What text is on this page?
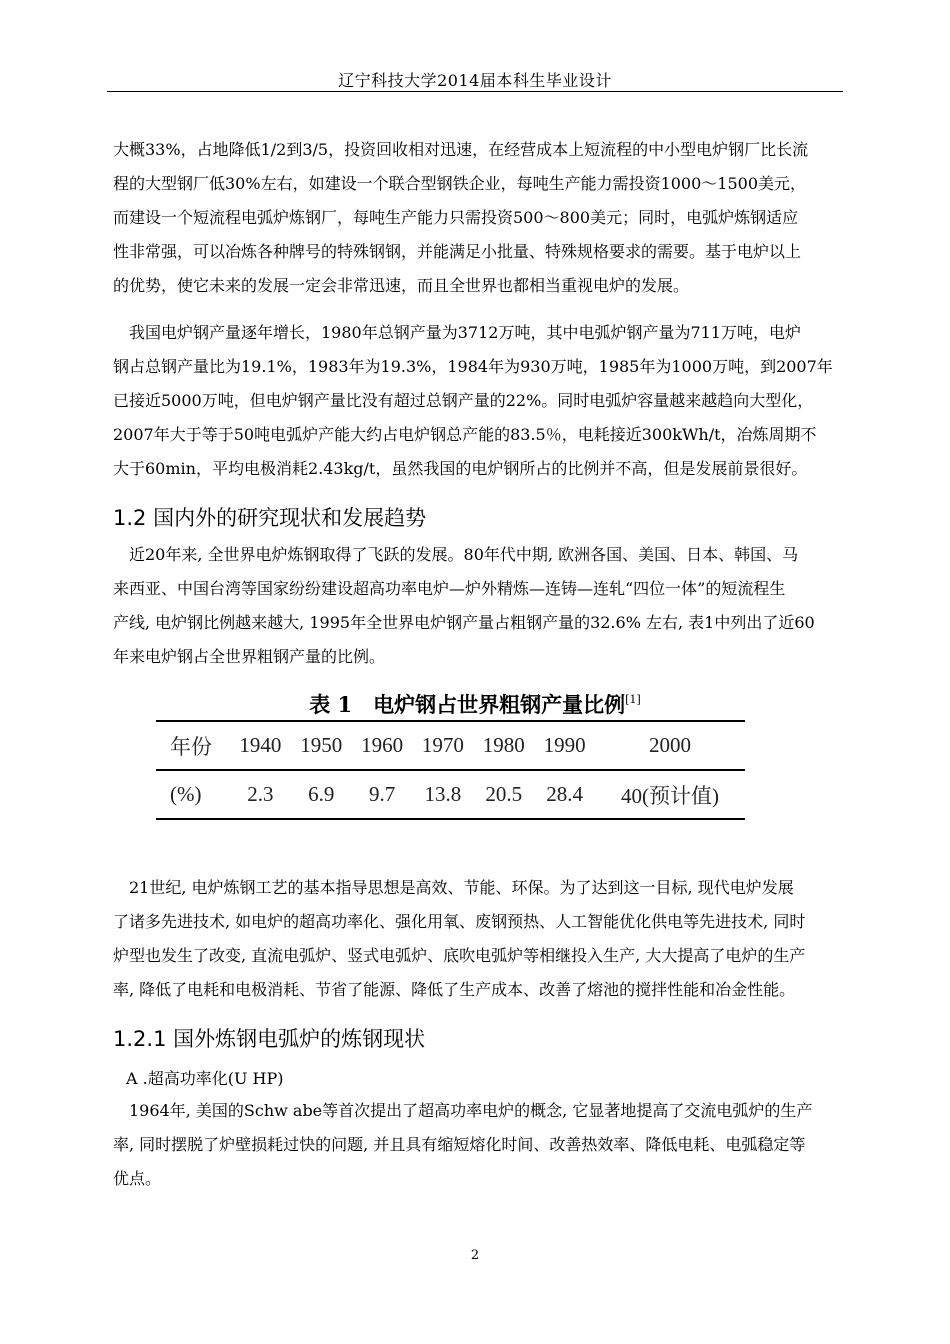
辽宁科技大学2014届本科生毕业设计

大概33%，占地降低1/2到3/5，投资回收相对迅速，在经营成本上短流程的中小型电炉钢厂比长流
程的大型钢厂低30%左右，如建设一个联合型钢铁企业，每吨生产能力需投资1000～1500美元，
而建设一个短流程电弧炉炼钢厂，每吨生产能力只需投资500～800美元；同时，电弧炉炼钢适应
性非常强，可以冶炼各种牌号的特殊钢钢，并能满足小批量、特殊规格要求的需要。基于电炉以上
的优势，使它未来的发展一定会非常迅速，而且全世界也都相当重视电炉的发展。

我国电炉钢产量逐年增长，1980年总钢产量为3712万吨，其中电弧炉钢产量为711万吨，电炉
钢占总钢产量比为19.1%，1983年为19.3%，1984年为930万吨，1985年为1000万吨，到2007年
已接近5000万吨，但电炉钢产量比没有超过总钢产量的22%。同时电弧炉容量越来越趋向大型化，
2007年大于等于50吨电弧炉产能大约占电炉钢总产能的83.5％，电耗接近300kWh/t，冶炼周期不
大于60min，平均电极消耗2.43kg/t，虽然我国的电炉钢所占的比例并不高，但是发展前景很好。

1.2 国内外的研究现状和发展趋势

近20年来, 全世界电炉炼钢取得了飞跃的发展。80年代中期, 欧洲各国、美国、日本、韩国、马
来西亚、中国台湾等国家纷纷建设超高功率电炉—炉外精炼—连铸—连轧“四位一体”的短流程生
产线, 电炉钢比例越来越大, 1995年全世界电炉钢产量占粗钢产量的32.6% 左右, 表1中列出了近60
年来电炉钢占全世界粗钢产量的比例。

表 1　电炉钢占世界粗钢产量比例[1]
年份	1940	1950	1960	1970	1980	1990	2000
(%)	2.3	6.9	9.7	13.8	20.5	28.4	40(预计值)

21世纪, 电炉炼钢工艺的基本指导思想是高效、节能、环保。为了达到这一目标, 现代电炉发展
了诸多先进技术, 如电炉的超高功率化、强化用氧、废钢预热、人工智能优化供电等先进技术, 同时
炉型也发生了改变, 直流电弧炉、竖式电弧炉、底吹电弧炉等相继投入生产, 大大提高了电炉的生产
率, 降低了电耗和电极消耗、节省了能源、降低了生产成本、改善了熔池的搅拌性能和冶金性能。

1.2.1 国外炼钢电弧炉的炼钢现状
A .超高功率化(U HP)

1964年, 美国的Schw abe等首次提出了超高功率电炉的概念, 它显著地提高了交流电弧炉的生产
率, 同时摆脱了炉壁损耗过快的问题, 并且具有缩短熔化时间、改善热效率、降低电耗、电弧稳定等
优点。

2
